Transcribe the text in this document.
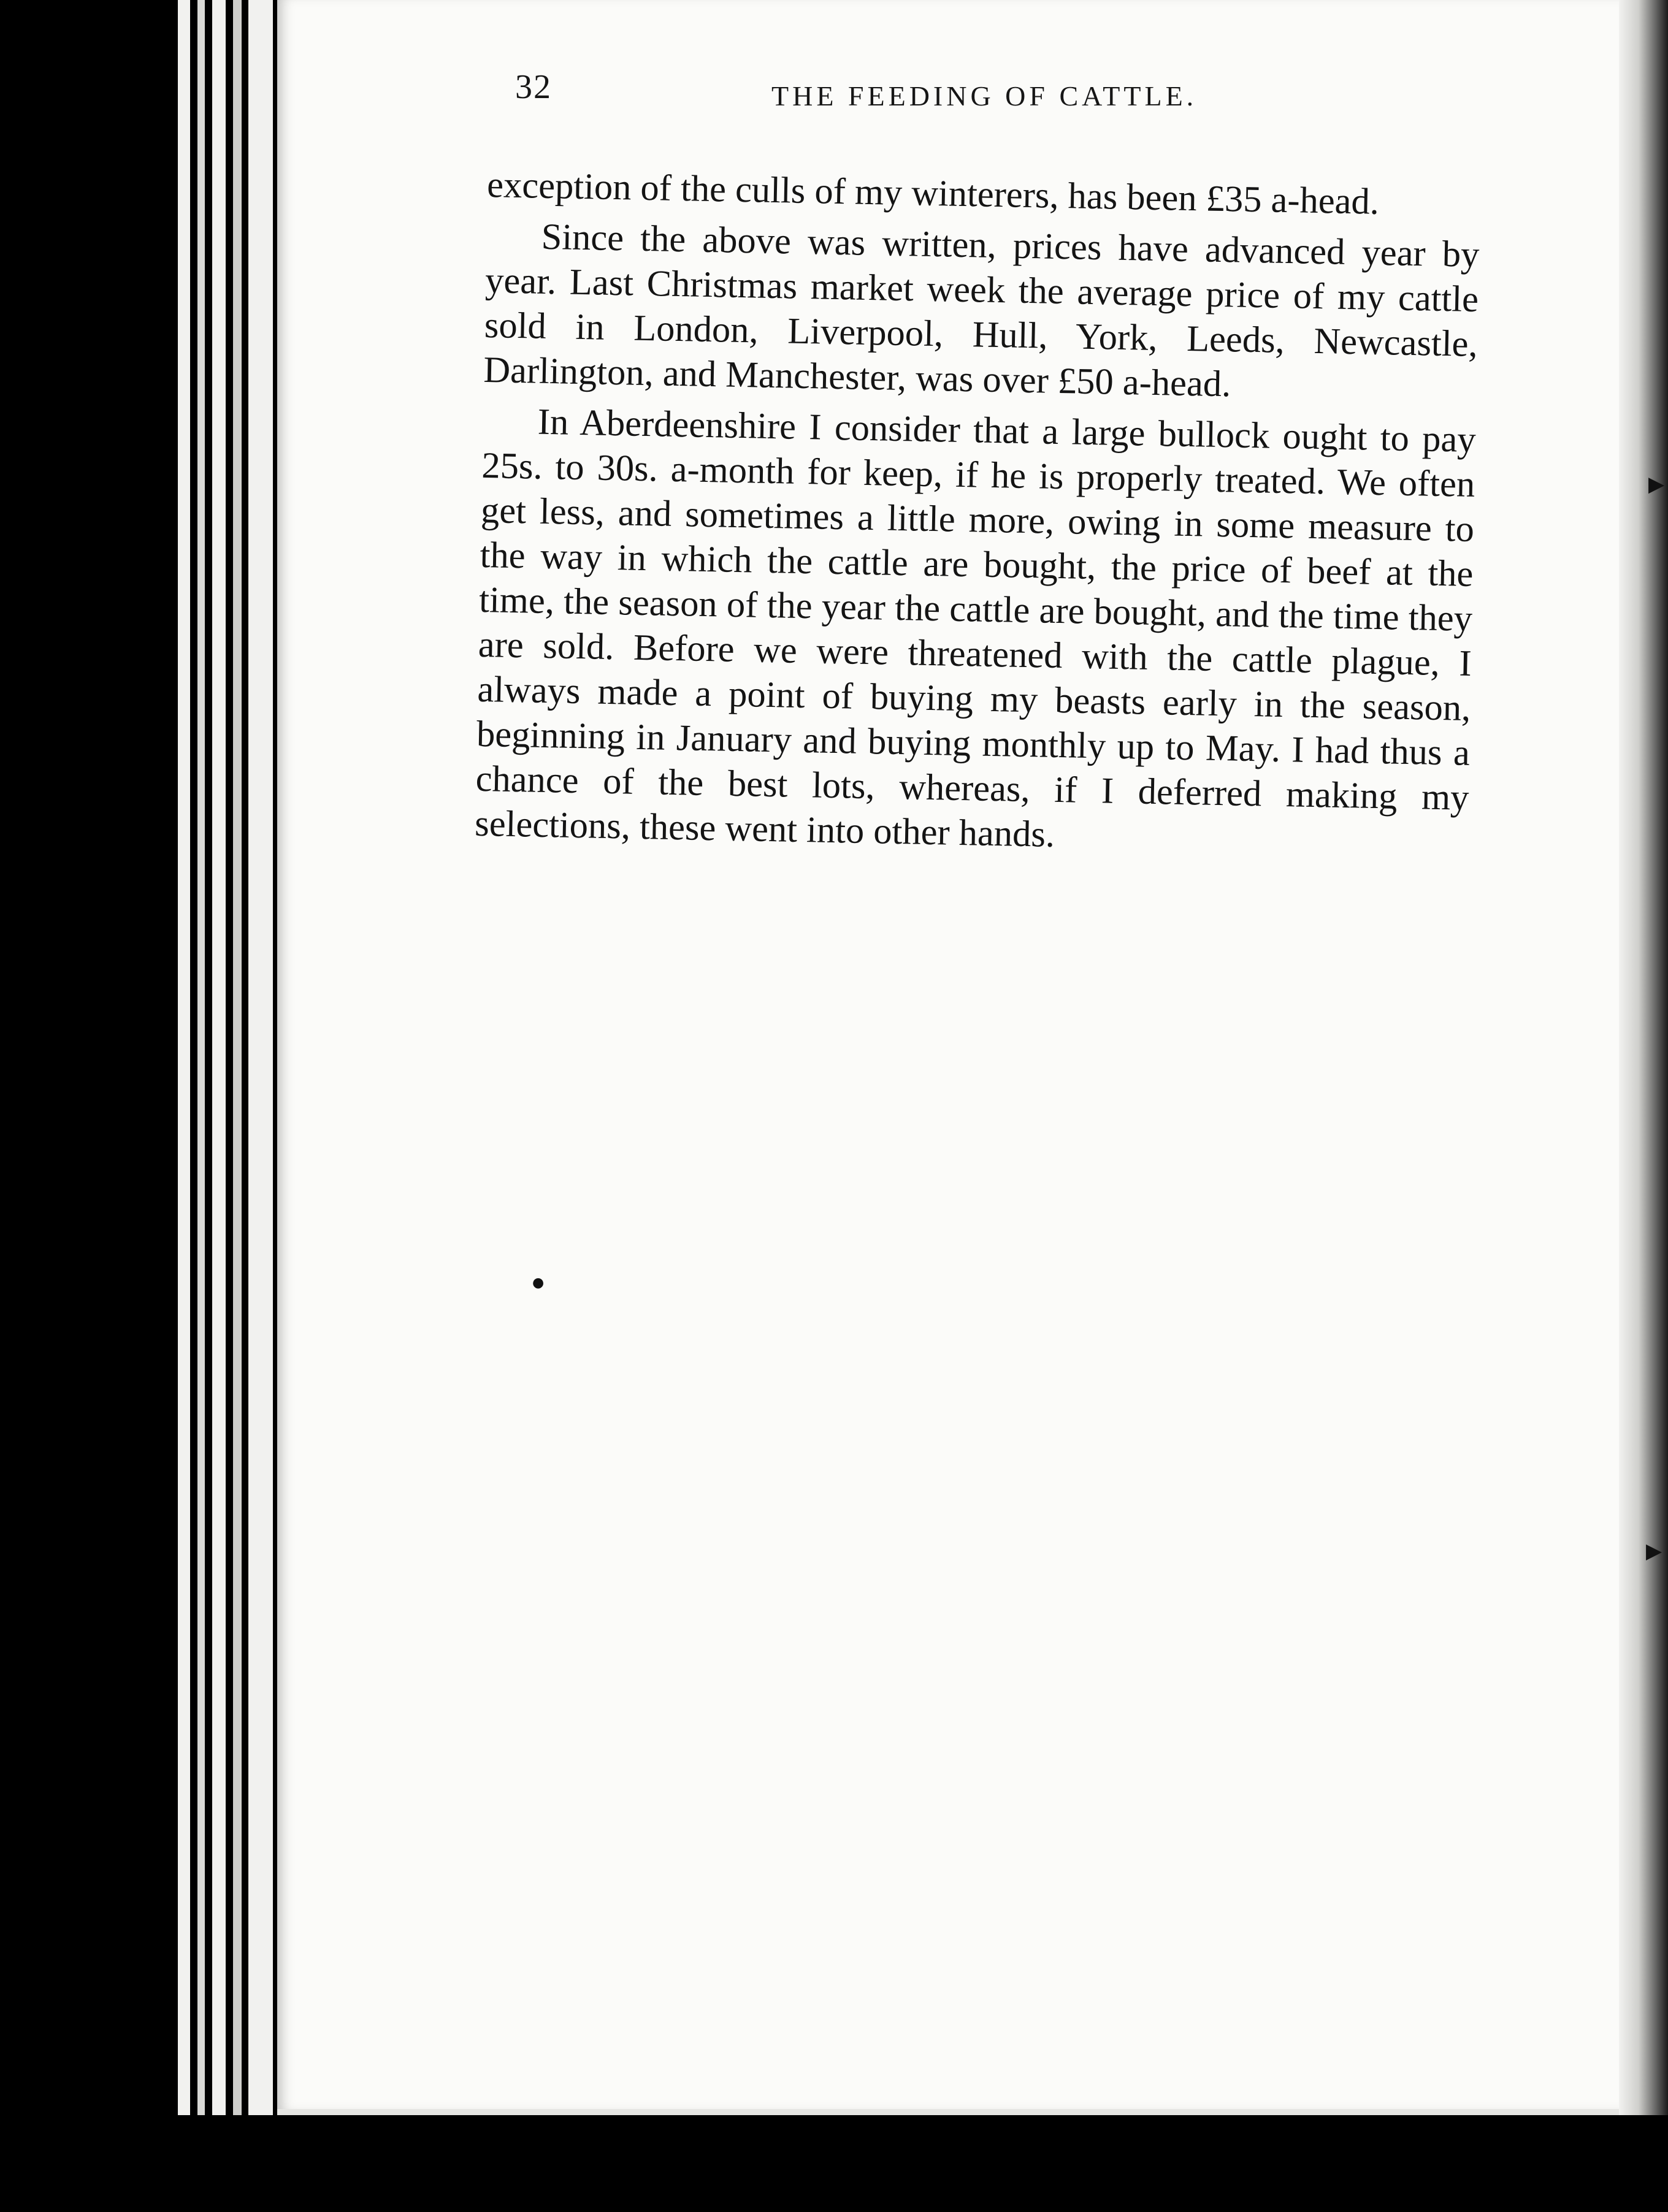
▶
▶
●
32	THE FEEDING OF CATTLE.

exception of the culls of my winterers, has been £35 a-head.

Since the above was written, prices have advanced year by year. Last Christmas market week the average price of my cattle sold in London, Liverpool, Hull, York, Leeds, Newcastle, Darlington, and Manchester, was over £50 a-head.

In Aberdeenshire I consider that a large bullock ought to pay 25s. to 30s. a-month for keep, if he is properly treated. We often get less, and sometimes a little more, owing in some measure to the way in which the cattle are bought, the price of beef at the time, the season of the year the cattle are bought, and the time they are sold. Before we were threatened with the cattle plague, I always made a point of buying my beasts early in the season, beginning in January and buying monthly up to May. I had thus a chance of the best lots, whereas, if I deferred making my selections, these went into other hands.
